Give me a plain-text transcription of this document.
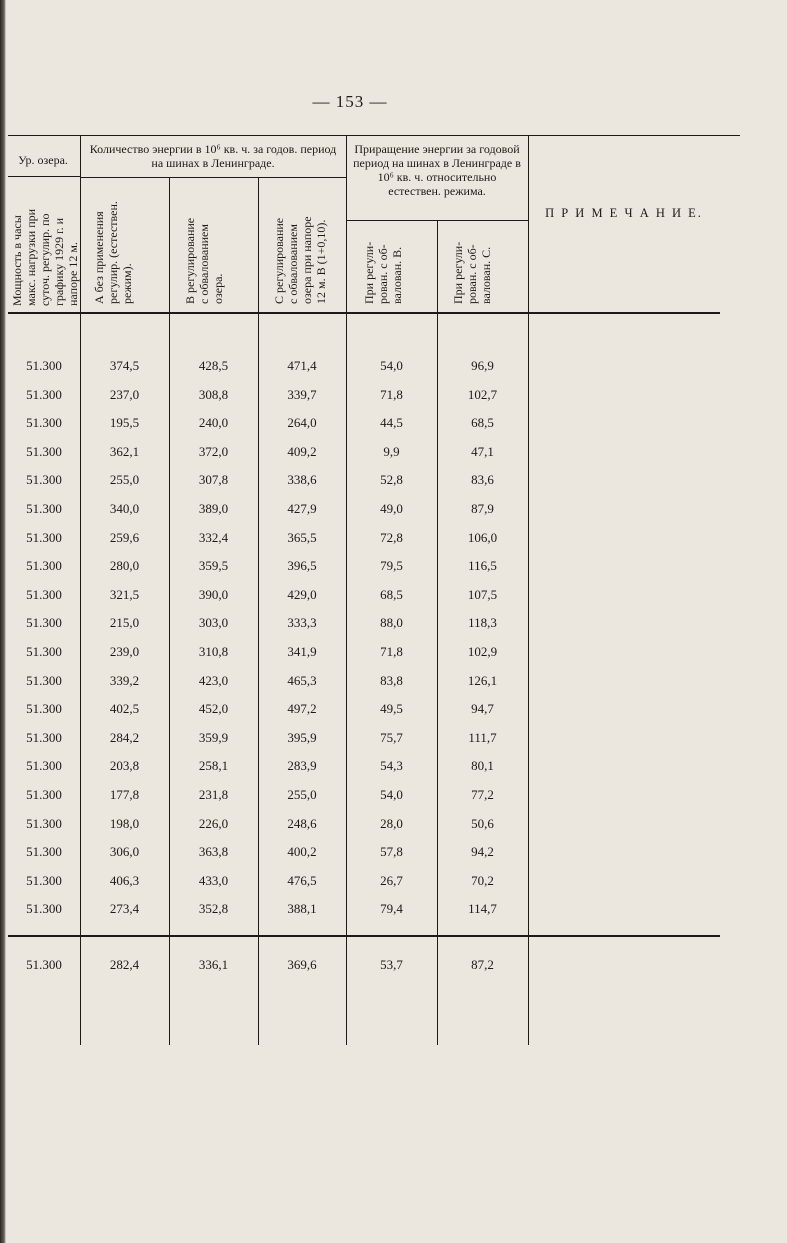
— 153 —
Ур. озера.
Мощность в часы макс. нагрузки при суточ. регулир. по графику 1929 г. и напоре 12 м.
Количество энергии в 10⁶ кв. ч. за годов. период на шинах в Ленинграде.
А без применения регулир. (естествен. режим).	В регулирование с обвалованием озера.	С регулирование с обвалованием озера при напоре 12 м. В (1+0,10).
Приращение энергии за годовой период на шинах в Ленинграде в 10⁶ кв. ч. относительно естествен. режима.
При регули- рован. с об- валован. В.	При регули- рован. с об- валован. С.
П Р И М Е Ч А Н И Е.
51.300	374,5	428,5	471,4	54,0	96,9
51.300	237,0	308,8	339,7	71,8	102,7
51.300	195,5	240,0	264,0	44,5	68,5
51.300	362,1	372,0	409,2	9,9	47,1
51.300	255,0	307,8	338,6	52,8	83,6
51.300	340,0	389,0	427,9	49,0	87,9
51.300	259,6	332,4	365,5	72,8	106,0
51.300	280,0	359,5	396,5	79,5	116,5
51.300	321,5	390,0	429,0	68,5	107,5
51.300	215,0	303,0	333,3	88,0	118,3
51.300	239,0	310,8	341,9	71,8	102,9
51.300	339,2	423,0	465,3	83,8	126,1
51.300	402,5	452,0	497,2	49,5	94,7
51.300	284,2	359,9	395,9	75,7	111,7
51.300	203,8	258,1	283,9	54,3	80,1
51.300	177,8	231,8	255,0	54,0	77,2
51.300	198,0	226,0	248,6	28,0	50,6
51.300	306,0	363,8	400,2	57,8	94,2
51.300	406,3	433,0	476,5	26,7	70,2
51.300	273,4	352,8	388,1	79,4	114,7
51.300	282,4	336,1	369,6	53,7	87,2
